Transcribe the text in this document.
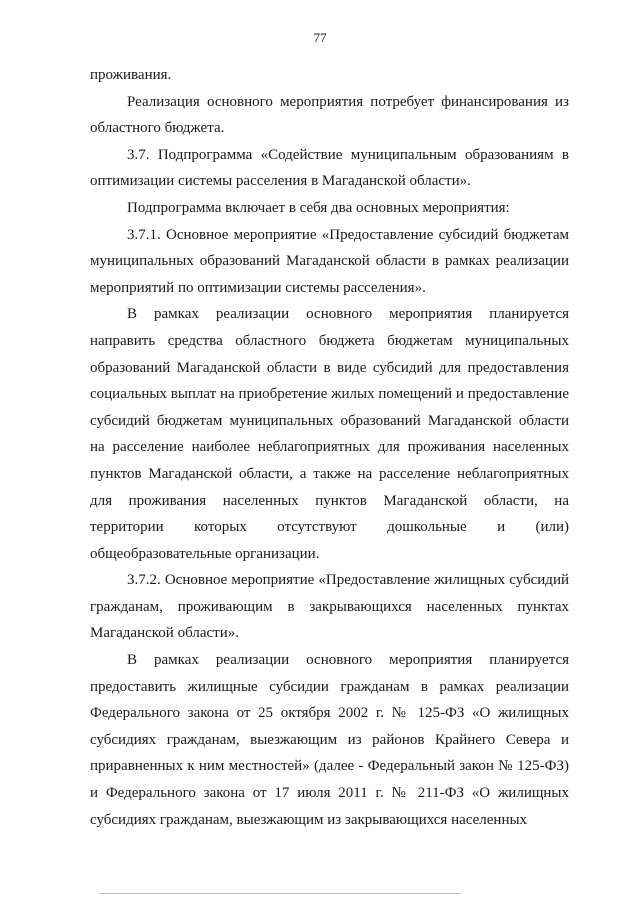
77

проживания.

Реализация основного мероприятия потребует финансирования из областного бюджета.

3.7. Подпрограмма «Содействие муниципальным образованиям в оптимизации системы расселения в Магаданской области».

Подпрограмма включает в себя два основных мероприятия:

3.7.1. Основное мероприятие «Предоставление субсидий бюджетам муниципальных образований Магаданской области в рамках реализации мероприятий по оптимизации системы расселения».

В рамках реализации основного мероприятия планируется направить средства областного бюджета бюджетам муниципальных образований Магаданской области в виде субсидий для предоставления социальных выплат на приобретение жилых помещений и предоставление субсидий бюджетам муниципальных образований Магаданской области на расселение наиболее неблагоприятных для проживания населенных пунктов Магаданской области, а также на расселение неблагоприятных для проживания населенных пунктов Магаданской области, на территории которых отсутствуют дошкольные и (или) общеобразовательные организации.

3.7.2. Основное мероприятие «Предоставление жилищных субсидий гражданам, проживающим в закрывающихся населенных пунктах Магаданской области».

В рамках реализации основного мероприятия планируется предоставить жилищные субсидии гражданам в рамках реализации Федерального закона от 25 октября 2002 г. № 125-ФЗ «О жилищных субсидиях гражданам, выезжающим из районов Крайнего Севера и приравненных к ним местностей» (далее - Федеральный закон № 125-ФЗ) и Федерального закона от 17 июля 2011 г. № 211-ФЗ «О жилищных субсидиях гражданам, выезжающим из закрывающихся населенных
